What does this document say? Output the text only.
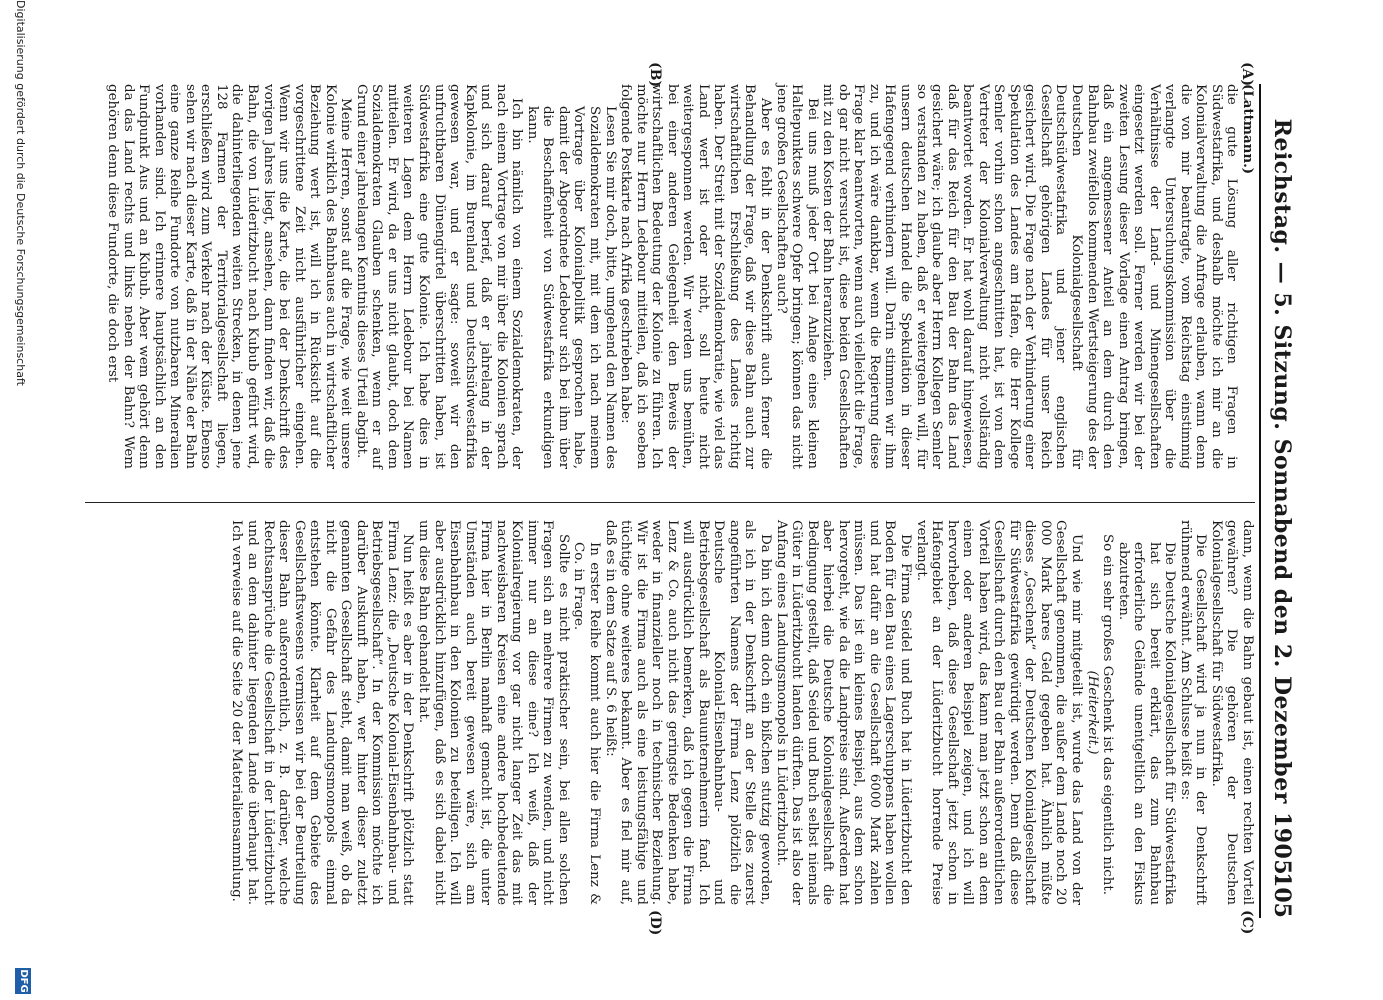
Reichstag. — 5. Sitzung. Sonnabend den 2. Dezember 1905.
105
(A)
(B)
(C)
(D)

(Lattmann.)

die gute Lösung aller richtigen Fragen in Südwestafrika, und deshalb möchte ich mir an die Kolonialverwaltung die Anfrage erlauben, wann denn die von mir beantragte, vom Reichstag einstimmig verlangte Untersuchungskommission über die Verhältnisse der Land- und Minengesellschaften eingesetzt werden soll. Ferner werden wir bei der zweiten Lesung dieser Vorlage einen Antrag bringen, daß ein angemessener Anteil an dem durch den Bahnbau zweifellos kommenden Wertsteigerung des der Deutschen Kolonialgesellschaft für Deutschsüdwestafrika und jener englischen Gesellschaft gehörigen Landes für unser Reich gesichert wird. Die Frage nach der Verhinderung einer Spekulation des Landes am Hafen, die Herr Kollege Semler vorhin schon angeschnitten hat, ist von dem Vertreter der Kolonialverwaltung nicht vollständig beantwortet worden. Er hat wohl darauf hingewiesen, daß für das Reich für den Bau der Bahn das Land gesichert wäre; ich glaube aber Herrn Kollegen Semler so verstanden zu haben, daß er weitergehen will, für unsern deutschen Handel die Spekulation in dieser Hafengegend verhindern will. Darin stimmen wir ihm zu, und ich wäre dankbar, wenn die Regierung diese Frage klar beantworten, wenn auch vielleicht die Frage, ob gar nicht versucht ist, diese beiden Gesellschaften mit zu den Kosten der Bahn heranzuziehen.

Bei uns muß jeder Ort bei Anlage eines kleinen Haltepunktes schwere Opfer bringen; können das nicht jene großen Gesellschaften auch?

Aber es fehlt in der Denkschrift auch ferner die Behandlung der Frage, daß wir diese Bahn auch zur wirtschaftlichen Erschließung des Landes richtig haben. Der Streit mit der Sozialdemokratie, wie viel das Land wert ist oder nicht, soll heute nicht weitergesponnen werden. Wir werden uns bemühen, bei einer anderen Gelegenheit den Beweis der wirtschaftlichen Bedeutung der Kolonie zu führen. Ich möchte nur Herrn Ledebour mitteilen, daß ich soeben folgende Postkarte nach Afrika geschrieben habe:

Lesen Sie mir doch, bitte, umgehend den Namen des Sozialdemokraten mit, mit dem ich nach meinem Vortrage über Kolonialpolitik gesprochen habe, damit der Abgeordnete Ledebour sich bei ihm über die Beschaffenheit von Südwestafrika erkundigen kann.

Ich bin nämlich von einem Sozialdemokraten, der nach einem Vortrage von mir über die Kolonien sprach und sich darauf berief, daß er jahrelang in der Kapkolonie, im Burenland und Deutschsüdwestafrika gewesen war, und er sagte: soweit wir den unfruchtbaren Dünengürtel überschritten haben, ist Südwestafrika eine gute Kolonie. Ich habe dies in weiteren Lagen dem Herrn Ledebour bei Namen mitteilen. Er wird, da er uns nicht glaubt, doch dem Sozialdemokraten Glauben schenken, wenn er auf Grund einer jahrelangen Kenntnis dieses Urteil abgibt.

Meine Herren, sonst auf die Frage, wie weit unsere Kolonie wirklich des Bahnbaues auch in wirtschaftlicher Beziehung wert ist, will ich in Rücksicht auf die vorgeschrittene Zeit nicht ausführlicher eingehen. Wenn wir uns die Karte, die bei der Denkschrift des vorigen Jahres liegt, ansehen, dann finden wir, daß die Bahn, die von Lüderitzbucht nach Kubub geführt wird, die dahinterliegenden weiten Strecken, in denen jene 128 Farmen der Territorialgesellschaft liegen, erschließen wird zum Verkehr nach der Küste. Ebenso sehen wir nach dieser Karte, daß in der Nähe der Bahn eine ganze Reihe Fundorte von nutzbaren Mineralien vorhanden sind. Ich erinnere hauptsächlich an den Fundpunkt Aus und an Kubub. Aber wem gehört denn da das Land rechts und links neben der Bahn? Wem gehören denn diese Fundorte, die doch erst

dann, wenn die Bahn gebaut ist, einen rechten Vorteil gewähren? Die gehören der Deutschen Kolonialgesellschaft für Südwestafrika.

Die Gesellschaft wird ja nun in der Denkschrift rühmend erwähnt. Am Schlusse heißt es:

Die Deutsche Kolonialgesellschaft für Südwestafrika hat sich bereit erklärt, das zum Bahnbau erforderliche Gelände unentgeltlich an den Fiskus abzutreten.

So ein sehr großes Geschenk ist das eigentlich nicht.

(Heiterkeit.)

Und wie mir mitgeteilt ist, wurde das Land von der Gesellschaft genommen, die außer dem Lande noch 20 000 Mark bares Geld gegeben hat. Ähnlich müßte dieses „Geschenk“ der Deutschen Kolonialgesellschaft für Südwestafrika gewürdigt werden. Denn daß diese Gesellschaft durch den Bau der Bahn außerordentlichen Vorteil haben wird, das kann man jetzt schon an dem einen oder anderen Beispiel zeigen, und ich will hervorheben, daß diese Gesellschaft jetzt schon in Hafengebiet an der Lüderitzbucht horrende Preise verlangt.

Die Firma Seidel und Buch hat in Lüderitzbucht den Boden für den Bau eines Lagerschuppens haben wollen und hat dafür an die Gesellschaft 6000 Mark zahlen müssen. Das ist ein kleines Beispiel, aus dem schon hervorgeht, wie da die Landpreise sind. Außerdem hat aber hierbei die Deutsche Kolonialgesellschaft die Bedingung gestellt, daß Seidel und Buch selbst niemals Güter in Lüderitzbucht landen dürften. Das ist also der Anfang eines Landungsmonopols in Lüderitzbucht.

Da bin ich denn doch ein bißchen stutzig geworden, als ich in der Denkschrift an der Stelle des zuerst angeführten Namens der Firma Lenz plötzlich die Deutsche Kolonial-Eisenbahnbau- und Betriebsgesellschaft als Bauunternehmerin fand. Ich will ausdrücklich bemerken, daß ich gegen die Firma Lenz & Co. auch nicht das geringste Bedenken habe, weder in finanzieller noch in technischer Beziehung. Wir ist die Firma auch als eine leistungsfähige und tüchtige ohne weiteres bekannt. Aber es fiel mir auf, daß es in dem Satze auf S. 6 heißt:

In erster Reihe kommt auch hier die Firma Lenz & Co. in Frage.

Sollte es nicht praktischer sein, bei allen solchen Fragen sich an mehrere Firmen zu wenden, und nicht immer nur an diese eine? Ich weiß, daß der Kolonialregierung vor gar nicht langer Zeit das mit nachweisbaren Kreisen eine andere hochbedeutende Firma hier in Berlin namhaft gemacht ist, die unter Umständen auch bereit gewesen wäre, sich am Eisenbahnbau in den Kolonien zu beteiligen. Ich will aber ausdrücklich hinzufügen, daß es sich dabei nicht um diese Bahn gehandelt hat.

Nun heißt es aber in der Denkschrift plötzlich statt Firma Lenz: die „Deutsche Kolonial-Eisenbahnbau- und Betriebsgesellschaft“. In der Kommission möchte ich darüber Auskunft haben, wer hinter dieser zuletzt genannten Gesellschaft steht, damit man weiß, ob da nicht die Gefahr des Landungsmonopols einmal entstehen könnte. Klarheit auf dem Gebiete des Gesellschaftswesens vermissen wir bei der Beurteilung dieser Bahn außerordentlich, z. B. darüber, welche Rechtsansprüche die Gesellschaft in der Lüderitzbucht und an dem dahinter liegenden Lande überhaupt hat. Ich verweise auf die Seite 20 der Materialiensammlung.

Digitalisierung gefördert durch die Deutsche Forschungsgemeinschaft
DFG
